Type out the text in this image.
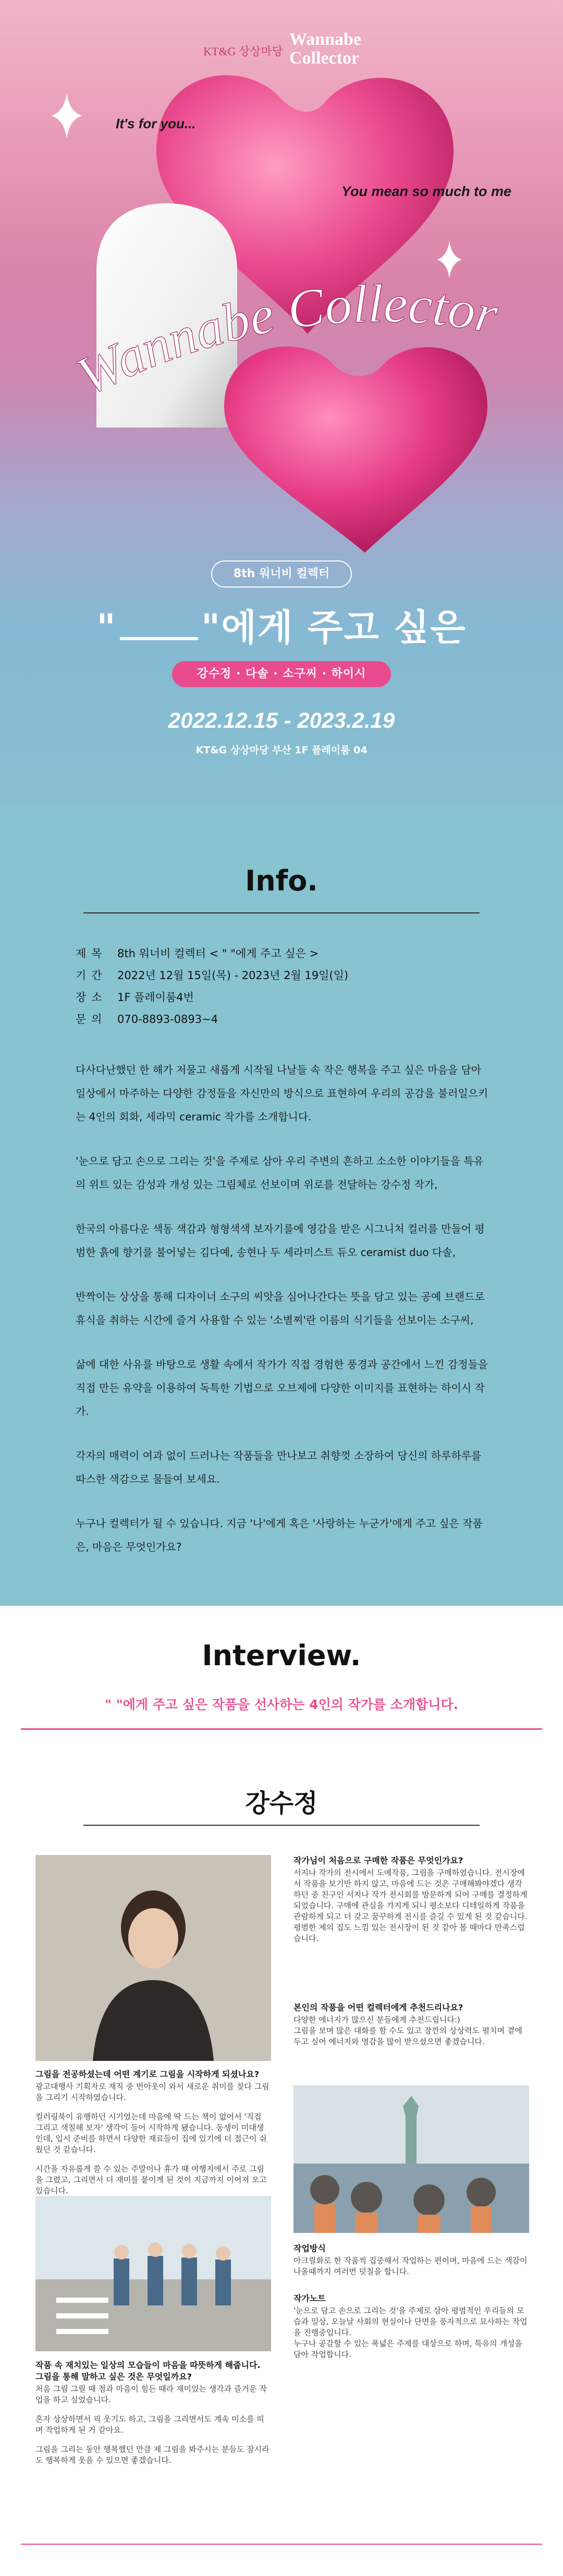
Wannabe Collector
KT&G 상상마당
Wannabe
Collector
It's for you...
You mean so much to me
8th 워너비 컬렉터
" "에게 주고 싶은
강수정 · 다솔 · 소구씨 · 하이시
2022.12.15 - 2023.2.19
KT&G 상상마당 부산 1F 플레이룸 04
Info.
제목 8th 워너비 컬렉터 < " "에게 주고 싶은 >
기간 2022년 12월 15일(목) - 2023년 2월 19일(일)
장소 1F 플레이룸4번
문의 070-8893-0893~4

다사다난했던 한 해가 저물고 새롭게 시작될 나날들 속 작은 행복을 주고 싶은 마음을 담아 일상에서 마주하는 다양한 감정들을 자신만의 방식으로 표현하여 우리의 공감을 불러일으키는 4인의 회화, 세라믹 ceramic 작가를 소개합니다.

'눈으로 담고 손으로 그리는 것'을 주제로 삼아 우리 주변의 흔하고 소소한 이야기들을 특유의 위트 있는 감성과 개성 있는 그림체로 선보이며 위로를 전달하는 강수정 작가,

한국의 아름다운 색동 색감과 형형색색 보자기를에 영감을 받은 시그니처 컬러를 만들어 평범한 흙에 향기를 불어넣는 김다예, 송현나 두 세라미스트 듀오 ceramist duo 다솔,

반짝이는 상상을 통해 디자이너 소구의 씨앗을 심어나간다는 뜻을 담고 있는 공예 브랜드로 휴식을 취하는 시간에 즐겨 사용할 수 있는 '소별찌'란 이름의 식기들을 선보이는 소구씨,

삶에 대한 사유를 바탕으로 생활 속에서 작가가 직접 경험한 풍경과 공간에서 느낀 감정들을 직접 만든 유약을 이용하여 독특한 기법으로 오브제에 다양한 이미지를 표현하는 하이시 작가.

각자의 매력이 여과 없이 드러나는 작품들을 만나보고 취향껏 소장하여 당신의 하루하루를 따스한 색감으로 물들여 보세요.

누구나 컬렉터가 될 수 있습니다. 지금 '나'에게 혹은 '사랑하는 누군가'에게 주고 싶은 작품은, 마음은 무엇인가요?

Interview.
" "에게 주고 싶은 작품을 선사하는 4인의 작가를 소개합니다.
강수정
그림을 전공하셨는데 어떤 계기로 그림을 시작하게 되셨나요?
광고대행사 기획자로 재직 중 번아웃이 와서 새로운 취미를 찾다 그림을 그리기 시작하였습니다.
컬러링북이 유행하던 시기였는데 마음에 딱 드는 책이 없어서 '직접 그리고 색칠해 보자' 생각이 들어 시작하게 됐습니다. 동생이 미대생인데, 입시 준비를 하면서 다양한 재료들이 집에 있기에 더 접근이 쉬웠던 것 같습니다.
시간을 자유롭게 쓸 수 있는 주말이나 휴가 때 여행지에서 주로 그림을 그렸고, 그리면서 더 재미를 붙이게 된 것이 지금까지 이어져 오고 있습니다.
작품 속 재치있는 일상의 모습들이 마음을 따뜻하게 해줍니다. 그림을 통해 말하고 싶은 것은 무엇일까요?
처음 그림 그릴 때 점과 마음이 힘든 때라 재미있는 생각과 즐거운 작업을 하고 싶었습니다.
혼자 상상하면서 픽 웃기도 하고, 그림을 그리면서도 계속 미소를 띠며 작업하게 된 거 같아요.
그림을 그리는 동안 행복했던 만큼 제 그림을 봐주시는 분들도 잠시라도 행복하게 웃을 수 있으면 좋겠습니다.
작가님이 처음으로 구매한 작품은 무엇인가요?
서지나 작가의 전시에서 도예작품, 그림을 구매하였습니다. 전시장에서 작품을 보기만 하지 않고, 마음에 드는 것은 구매해봐야겠다 생각하던 중 친구인 서지나 작가 전시회를 방문하게 되어 구매를 결정하게 되었습니다. 구매에 관심을 가지게 되니 평소보다 디테일하게 작품을 관람하게 되고 더 갖고 꿈꾸하게 전시를 즐길 수 있게 된 것 같습니다. 평범한 제의 집도 느낌 있는 전시장이 된 것 같아 볼 때마다 만족스럽습니다.
본인의 작품을 어떤 컬렉터에게 추천드리나요?
다양한 에너지가 많으신 분들에게 추천드립니다:)
그림을 보며 많은 대화를 할 수도 있고 잠깐의 상상력도 펼치며 곁에 두고 싶어 에너지와 영감을 많이 받으셨으면 좋겠습니다.
작업방식
아크릴화로 한 작품씩 집중해서 작업하는 편이며, 마음에 드는 색감이 나올때까지 여러번 덧칠을 합니다.
작가노트
'눈으로 담고 손으로 그리는 것'을 주제로 삼아 평범적인 우리들의 모습과 일상, 오늘날 사회의 현실이나 단면을 풍자적으로 묘사하는 작업을 진행중입니다.
누구나 공감할 수 있는 폭넓은 주제를 대상으로 하며, 특유의 개성을 담아 작업합니다.
